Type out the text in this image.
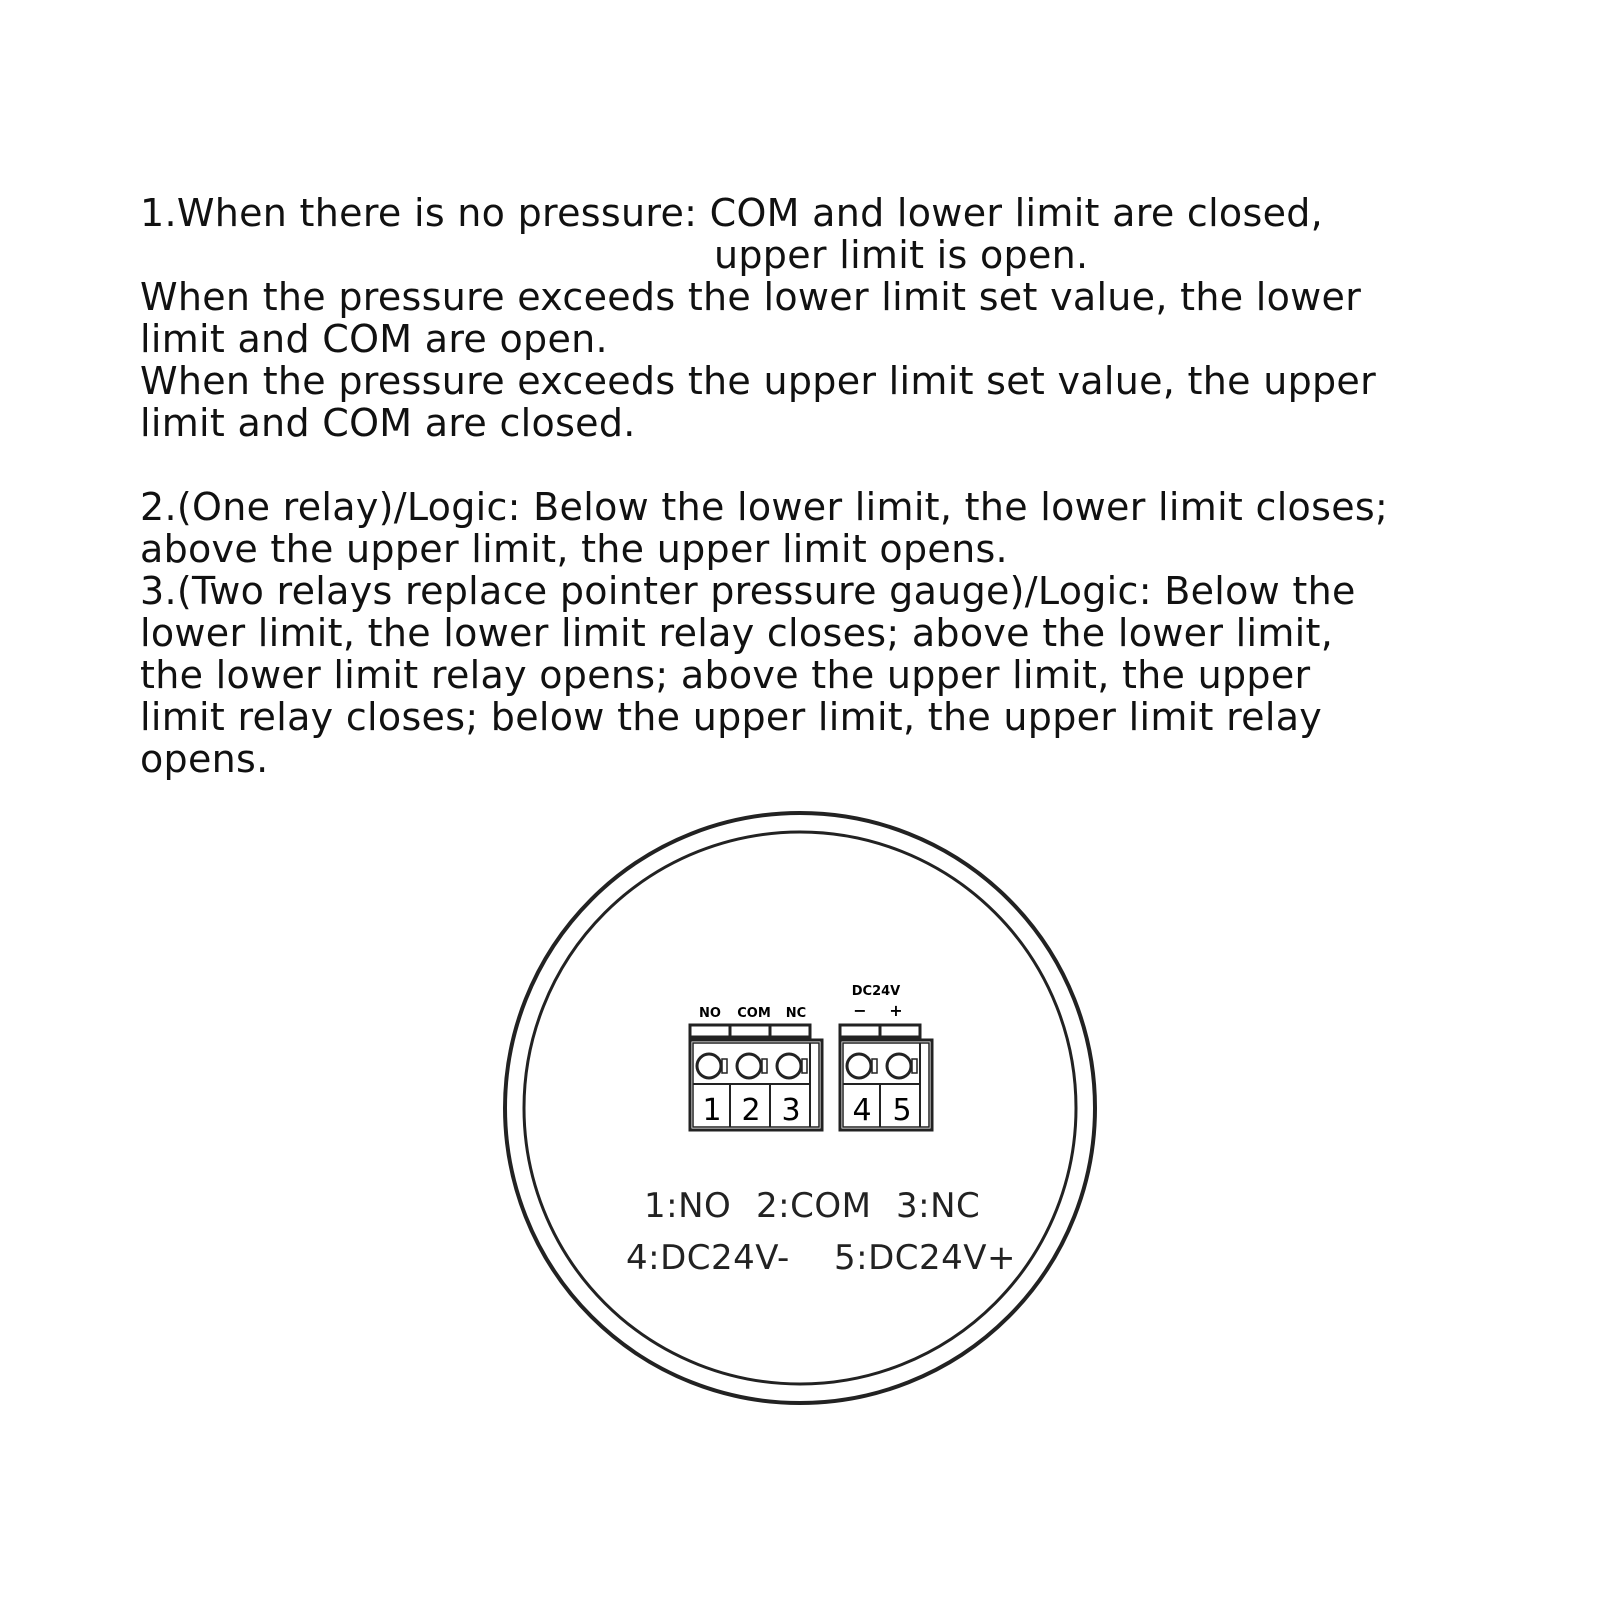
1.When there is no pressure: COM and lower limit are closed,
upper limit is open.
When the pressure exceeds the lower limit set value, the lower
limit and COM are open.
When the pressure exceeds the upper limit set value, the upper
limit and COM are closed.
2.(One relay)/Logic: Below the lower limit, the lower limit closes;
above the upper limit, the upper limit opens.
3.(Two relays replace pointer pressure gauge)/Logic: Below the
lower limit, the lower limit relay closes; above the lower limit,
the lower limit relay opens; above the upper limit, the upper
limit relay closes; below the upper limit, the upper limit relay
opens.
NO COM NC
DC24V
− +
1 2 3 4 5
1:NO 2:COM 3:NC
4:DC24V- 5:DC24V+
